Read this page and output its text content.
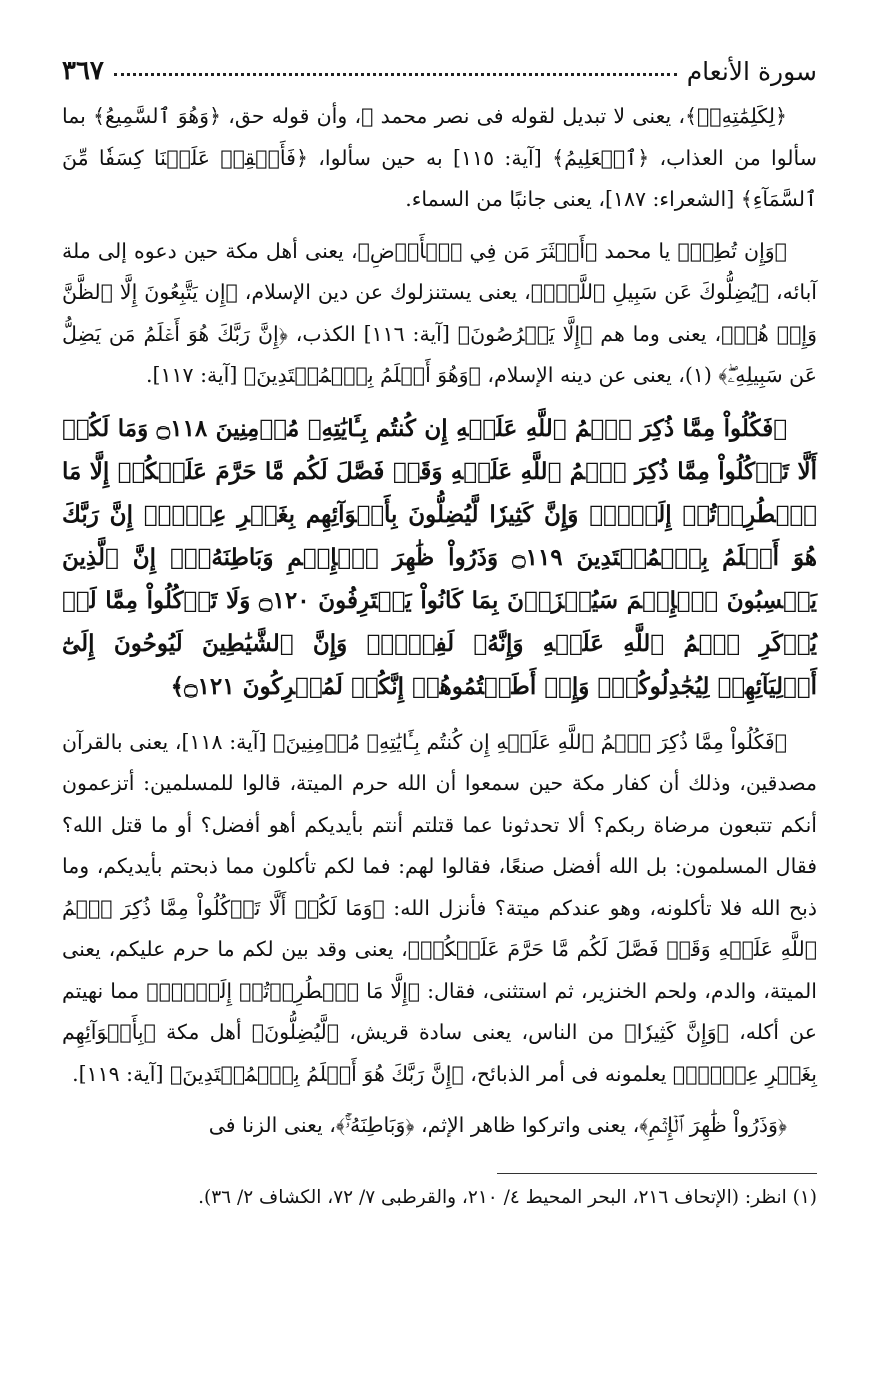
سورة الأنعام
٣٦٧

﴿لِكَلِمَٰتِهِۦۚ﴾، يعنى لا تبديل لقوله فى نصر محمد ﷺ، وأن قوله حق، ﴿وَهُوَ ٱلسَّمِيعُ﴾ بما سألوا من العذاب، ﴿ٱلۡعَلِيمُ﴾ [آية: ١١٥] به حين سألوا، ﴿فَأَسۡقِطۡ عَلَيۡنَا كِسَفٗا مِّنَ ٱلسَّمَآءِ﴾ [الشعراء: ١٨٧]، يعنى جانبًا من السماء.

﴿وَإِن تُطِعۡ﴾ يا محمد ﴿أَكۡثَرَ مَن فِي ٱلۡأَرۡضِ﴾، يعنى أهل مكة حين دعوه إلى ملة آبائه، ﴿يُضِلُّوكَ عَن سَبِيلِ ٱللَّهِۚ﴾، يعنى يستنزلوك عن دين الإسلام، ﴿إِن يَتَّبِعُونَ إِلَّا ٱلظَّنَّ وَإِنۡ هُمۡ﴾، يعنى وما هم ﴿إِلَّا يَخۡرُصُونَ﴾ [آية: ١١٦] الكذب، ﴿إِنَّ رَبَّكَ هُوَ أَعۡلَمُ مَن يَضِلُّ عَن سَبِيلِهِۦۖ﴾ (١)، يعنى عن دينه الإسلام، ﴿وَهُوَ أَعۡلَمُ بِٱلۡمُهۡتَدِينَ﴾ [آية: ١١٧].

﴿فَكُلُواْ مِمَّا ذُكِرَ ٱسۡمُ ٱللَّهِ عَلَيۡهِ إِن كُنتُم بِـَٔايَٰتِهِۦ مُؤۡمِنِينَ ۝١١٨ وَمَا لَكُمۡ أَلَّا تَأۡكُلُواْ مِمَّا ذُكِرَ ٱسۡمُ ٱللَّهِ عَلَيۡهِ وَقَدۡ فَصَّلَ لَكُم مَّا حَرَّمَ عَلَيۡكُمۡ إِلَّا مَا ٱضۡطُرِرۡتُمۡ إِلَيۡهِۗ وَإِنَّ كَثِيرٗا لَّيُضِلُّونَ بِأَهۡوَآئِهِم بِغَيۡرِ عِلۡمٍۚ إِنَّ رَبَّكَ هُوَ أَعۡلَمُ بِٱلۡمُعۡتَدِينَ ۝١١٩ وَذَرُواْ ظَٰهِرَ ٱلۡإِثۡمِ وَبَاطِنَهُۥٓۚ إِنَّ ٱلَّذِينَ يَكۡسِبُونَ ٱلۡإِثۡمَ سَيُجۡزَوۡنَ بِمَا كَانُواْ يَقۡتَرِفُونَ ۝١٢٠ وَلَا تَأۡكُلُواْ مِمَّا لَمۡ يُذۡكَرِ ٱسۡمُ ٱللَّهِ عَلَيۡهِ وَإِنَّهُۥ لَفِسۡقٞۗ وَإِنَّ ٱلشَّيَٰطِينَ لَيُوحُونَ إِلَىٰٓ أَوۡلِيَآئِهِمۡ لِيُجَٰدِلُوكُمۡۖ وَإِنۡ أَطَعۡتُمُوهُمۡ إِنَّكُمۡ لَمُشۡرِكُونَ ۝١٢١﴾

﴿فَكُلُواْ مِمَّا ذُكِرَ ٱسۡمُ ٱللَّهِ عَلَيۡهِ إِن كُنتُم بِـَٔايَٰتِهِۦ مُؤۡمِنِينَ﴾ [آية: ١١٨]، يعنى بالقرآن مصدقين، وذلك أن كفار مكة حين سمعوا أن الله حرم الميتة، قالوا للمسلمين: أتزعمون أنكم تتبعون مرضاة ربكم؟ ألا تحدثونا عما قتلتم أنتم بأيديكم أهو أفضل؟ أو ما قتل الله؟ فقال المسلمون: بل الله أفضل صنعًا، فقالوا لهم: فما لكم تأكلون مما ذبحتم بأيديكم، وما ذبح الله فلا تأكلونه، وهو عندكم ميتة؟ فأنزل الله: ﴿وَمَا لَكُمۡ أَلَّا تَأۡكُلُواْ مِمَّا ذُكِرَ ٱسۡمُ ٱللَّهِ عَلَيۡهِ وَقَدۡ فَصَّلَ لَكُم مَّا حَرَّمَ عَلَيۡكُمۡ﴾، يعنى وقد بين لكم ما حرم عليكم، يعنى الميتة، والدم، ولحم الخنزير، ثم استثنى، فقال: ﴿إِلَّا مَا ٱضۡطُرِرۡتُمۡ إِلَيۡهِۗ﴾ مما نهيتم عن أكله، ﴿وَإِنَّ كَثِيرٗا﴾ من الناس، يعنى سادة قريش، ﴿لَّيُضِلُّونَ﴾ أهل مكة ﴿بِأَهۡوَآئِهِم بِغَيۡرِ عِلۡمٍۚ﴾ يعلمونه فى أمر الذبائح، ﴿إِنَّ رَبَّكَ هُوَ أَعۡلَمُ بِٱلۡمُعۡتَدِينَ﴾ [آية: ١١٩].

﴿وَذَرُواْ ظَٰهِرَ ٱلۡإِثۡمِ﴾، يعنى واتركوا ظاهر الإثم، ﴿وَبَاطِنَهُۥٓۚ﴾، يعنى الزنا فى

(١) انظر: (الإتحاف ٢١٦، البحر المحيط ٤/ ٢١٠، والقرطبى ٧/ ٧٢، الكشاف ٢/ ٣٦).
